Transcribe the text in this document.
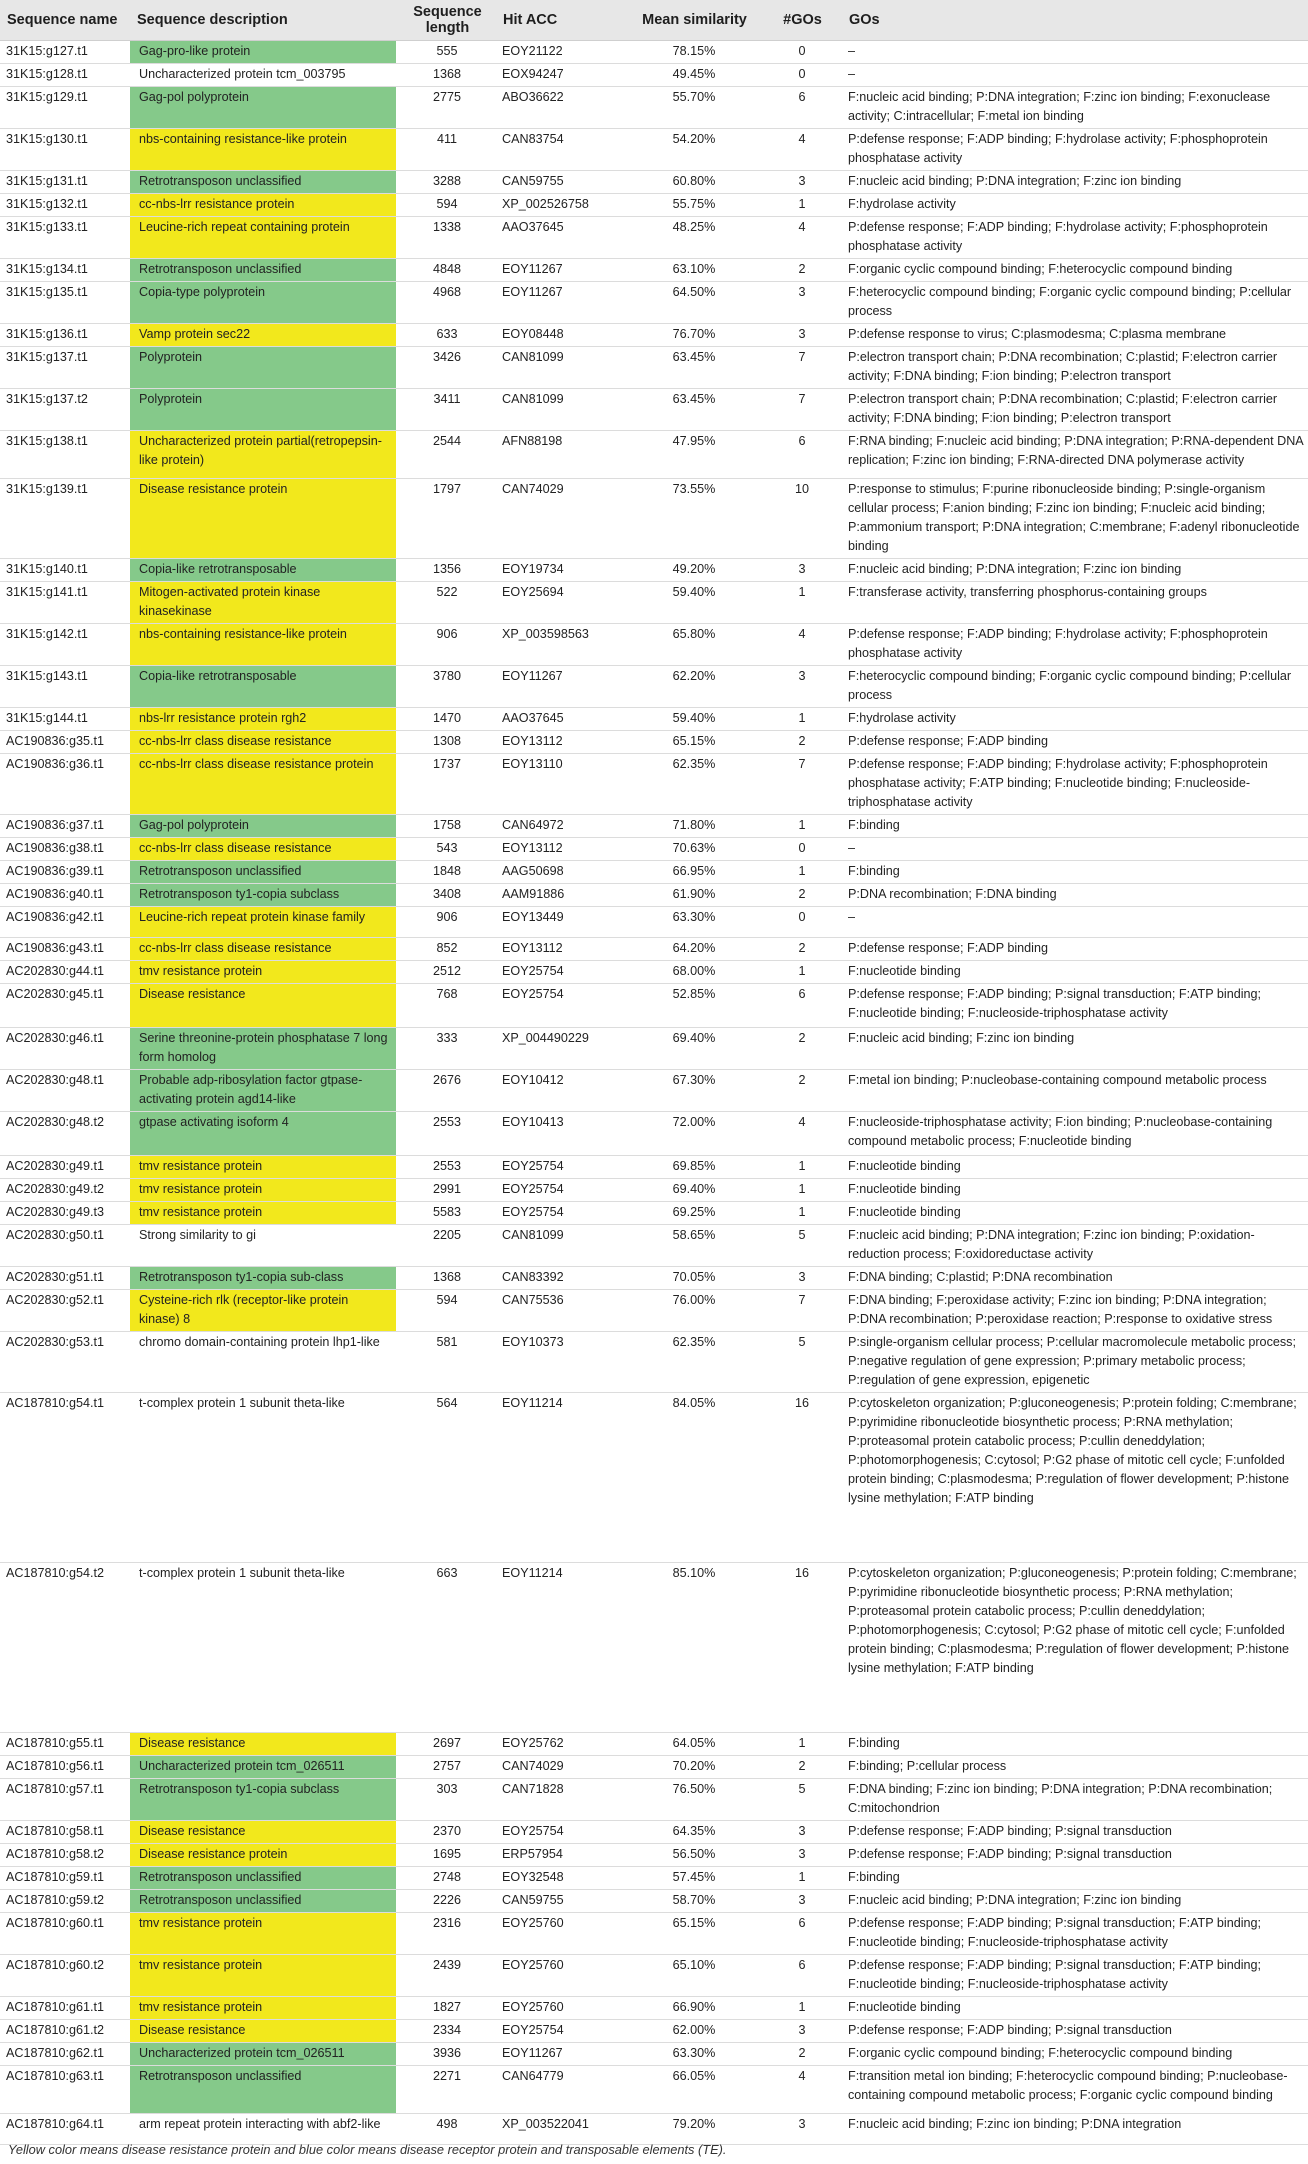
Sequence name	Sequence description	Sequence length	Hit ACC	Mean similarity	#GOs	GOs
31K15:g127.t1	Gag-pro-like protein	555	EOY21122	78.15%	0	–
31K15:g128.t1	Uncharacterized protein tcm_003795	1368	EOX94247	49.45%	0	–
31K15:g129.t1	Gag-pol polyprotein	2775	ABO36622	55.70%	6	F:nucleic acid binding; P:DNA integration; F:zinc ion binding; F:exonuclease activity; C:intracellular; F:metal ion binding
31K15:g130.t1	nbs-containing resistance-like protein	411	CAN83754	54.20%	4	P:defense response; F:ADP binding; F:hydrolase activity; F:phosphoprotein phosphatase activity
31K15:g131.t1	Retrotransposon unclassified	3288	CAN59755	60.80%	3	F:nucleic acid binding; P:DNA integration; F:zinc ion binding
31K15:g132.t1	cc-nbs-lrr resistance protein	594	XP_002526758	55.75%	1	F:hydrolase activity
31K15:g133.t1	Leucine-rich repeat containing protein	1338	AAO37645	48.25%	4	P:defense response; F:ADP binding; F:hydrolase activity; F:phosphoprotein phosphatase activity
31K15:g134.t1	Retrotransposon unclassified	4848	EOY11267	63.10%	2	F:organic cyclic compound binding; F:heterocyclic compound binding
31K15:g135.t1	Copia-type polyprotein	4968	EOY11267	64.50%	3	F:heterocyclic compound binding; F:organic cyclic compound binding; P:cellular process
31K15:g136.t1	Vamp protein sec22	633	EOY08448	76.70%	3	P:defense response to virus; C:plasmodesma; C:plasma membrane
31K15:g137.t1	Polyprotein	3426	CAN81099	63.45%	7	P:electron transport chain; P:DNA recombination; C:plastid; F:electron carrier activity; F:DNA binding; F:ion binding; P:electron transport
31K15:g137.t2	Polyprotein	3411	CAN81099	63.45%	7	P:electron transport chain; P:DNA recombination; C:plastid; F:electron carrier activity; F:DNA binding; F:ion binding; P:electron transport
31K15:g138.t1	Uncharacterized protein partial(retropepsin-like protein)	2544	AFN88198	47.95%	6	F:RNA binding; F:nucleic acid binding; P:DNA integration; P:RNA-dependent DNA replication; F:zinc ion binding; F:RNA-directed DNA polymerase activity
31K15:g139.t1	Disease resistance protein	1797	CAN74029	73.55%	10	P:response to stimulus; F:purine ribonucleoside binding; P:single-organism cellular process; F:anion binding; F:zinc ion binding; F:nucleic acid binding; P:ammonium transport; P:DNA integration; C:membrane; F:adenyl ribonucleotide binding
31K15:g140.t1	Copia-like retrotransposable	1356	EOY19734	49.20%	3	F:nucleic acid binding; P:DNA integration; F:zinc ion binding
31K15:g141.t1	Mitogen-activated protein kinase kinasekinase	522	EOY25694	59.40%	1	F:transferase activity, transferring phosphorus-containing groups
31K15:g142.t1	nbs-containing resistance-like protein	906	XP_003598563	65.80%	4	P:defense response; F:ADP binding; F:hydrolase activity; F:phosphoprotein phosphatase activity
31K15:g143.t1	Copia-like retrotransposable	3780	EOY11267	62.20%	3	F:heterocyclic compound binding; F:organic cyclic compound binding; P:cellular process
31K15:g144.t1	nbs-lrr resistance protein rgh2	1470	AAO37645	59.40%	1	F:hydrolase activity
AC190836:g35.t1	cc-nbs-lrr class disease resistance	1308	EOY13112	65.15%	2	P:defense response; F:ADP binding
AC190836:g36.t1	cc-nbs-lrr class disease resistance protein	1737	EOY13110	62.35%	7	P:defense response; F:ADP binding; F:hydrolase activity; F:phosphoprotein phosphatase activity; F:ATP binding; F:nucleotide binding; F:nucleoside-triphosphatase activity
AC190836:g37.t1	Gag-pol polyprotein	1758	CAN64972	71.80%	1	F:binding
AC190836:g38.t1	cc-nbs-lrr class disease resistance	543	EOY13112	70.63%	0	–
AC190836:g39.t1	Retrotransposon unclassified	1848	AAG50698	66.95%	1	F:binding
AC190836:g40.t1	Retrotransposon ty1-copia subclass	3408	AAM91886	61.90%	2	P:DNA recombination; F:DNA binding
AC190836:g42.t1	Leucine-rich repeat protein kinase family	906	EOY13449	63.30%	0	–
AC190836:g43.t1	cc-nbs-lrr class disease resistance	852	EOY13112	64.20%	2	P:defense response; F:ADP binding
AC202830:g44.t1	tmv resistance protein	2512	EOY25754	68.00%	1	F:nucleotide binding
AC202830:g45.t1	Disease resistance	768	EOY25754	52.85%	6	P:defense response; F:ADP binding; P:signal transduction; F:ATP binding; F:nucleotide binding; F:nucleoside-triphosphatase activity
AC202830:g46.t1	Serine threonine-protein phosphatase 7 long form homolog	333	XP_004490229	69.40%	2	F:nucleic acid binding; F:zinc ion binding
AC202830:g48.t1	Probable adp-ribosylation factor gtpase-activating protein agd14-like	2676	EOY10412	67.30%	2	F:metal ion binding; P:nucleobase-containing compound metabolic process
AC202830:g48.t2	gtpase activating isoform 4	2553	EOY10413	72.00%	4	F:nucleoside-triphosphatase activity; F:ion binding; P:nucleobase-containing compound metabolic process; F:nucleotide binding
AC202830:g49.t1	tmv resistance protein	2553	EOY25754	69.85%	1	F:nucleotide binding
AC202830:g49.t2	tmv resistance protein	2991	EOY25754	69.40%	1	F:nucleotide binding
AC202830:g49.t3	tmv resistance protein	5583	EOY25754	69.25%	1	F:nucleotide binding
AC202830:g50.t1	Strong similarity to gi	2205	CAN81099	58.65%	5	F:nucleic acid binding; P:DNA integration; F:zinc ion binding; P:oxidation-reduction process; F:oxidoreductase activity
AC202830:g51.t1	Retrotransposon ty1-copia sub-class	1368	CAN83392	70.05%	3	F:DNA binding; C:plastid; P:DNA recombination
AC202830:g52.t1	Cysteine-rich rlk (receptor-like protein kinase) 8	594	CAN75536	76.00%	7	F:DNA binding; F:peroxidase activity; F:zinc ion binding; P:DNA integration; P:DNA recombination; P:peroxidase reaction; P:response to oxidative stress
AC202830:g53.t1	chromo domain-containing protein lhp1-like	581	EOY10373	62.35%	5	P:single-organism cellular process; P:cellular macromolecule metabolic process; P:negative regulation of gene expression; P:primary metabolic process; P:regulation of gene expression, epigenetic
AC187810:g54.t1	t-complex protein 1 subunit theta-like	564	EOY11214	84.05%	16	P:cytoskeleton organization; P:gluconeogenesis; P:protein folding; C:membrane; P:pyrimidine ribonucleotide biosynthetic process; P:RNA methylation; P:proteasomal protein catabolic process; P:cullin deneddylation; P:photomorphogenesis; C:cytosol; P:G2 phase of mitotic cell cycle; F:unfolded protein binding; C:plasmodesma; P:regulation of flower development; P:histone lysine methylation; F:ATP binding
AC187810:g54.t2	t-complex protein 1 subunit theta-like	663	EOY11214	85.10%	16	P:cytoskeleton organization; P:gluconeogenesis; P:protein folding; C:membrane; P:pyrimidine ribonucleotide biosynthetic process; P:RNA methylation; P:proteasomal protein catabolic process; P:cullin deneddylation; P:photomorphogenesis; C:cytosol; P:G2 phase of mitotic cell cycle; F:unfolded protein binding; C:plasmodesma; P:regulation of flower development; P:histone lysine methylation; F:ATP binding
AC187810:g55.t1	Disease resistance	2697	EOY25762	64.05%	1	F:binding
AC187810:g56.t1	Uncharacterized protein tcm_026511	2757	CAN74029	70.20%	2	F:binding; P:cellular process
AC187810:g57.t1	Retrotransposon ty1-copia subclass	303	CAN71828	76.50%	5	F:DNA binding; F:zinc ion binding; P:DNA integration; P:DNA recombination; C:mitochondrion
AC187810:g58.t1	Disease resistance	2370	EOY25754	64.35%	3	P:defense response; F:ADP binding; P:signal transduction
AC187810:g58.t2	Disease resistance protein	1695	ERP57954	56.50%	3	P:defense response; F:ADP binding; P:signal transduction
AC187810:g59.t1	Retrotransposon unclassified	2748	EOY32548	57.45%	1	F:binding
AC187810:g59.t2	Retrotransposon unclassified	2226	CAN59755	58.70%	3	F:nucleic acid binding; P:DNA integration; F:zinc ion binding
AC187810:g60.t1	tmv resistance protein	2316	EOY25760	65.15%	6	P:defense response; F:ADP binding; P:signal transduction; F:ATP binding; F:nucleotide binding; F:nucleoside-triphosphatase activity
AC187810:g60.t2	tmv resistance protein	2439	EOY25760	65.10%	6	P:defense response; F:ADP binding; P:signal transduction; F:ATP binding; F:nucleotide binding; F:nucleoside-triphosphatase activity
AC187810:g61.t1	tmv resistance protein	1827	EOY25760	66.90%	1	F:nucleotide binding
AC187810:g61.t2	Disease resistance	2334	EOY25754	62.00%	3	P:defense response; F:ADP binding; P:signal transduction
AC187810:g62.t1	Uncharacterized protein tcm_026511	3936	EOY11267	63.30%	2	F:organic cyclic compound binding; F:heterocyclic compound binding
AC187810:g63.t1	Retrotransposon unclassified	2271	CAN64779	66.05%	4	F:transition metal ion binding; F:heterocyclic compound binding; P:nucleobase-containing compound metabolic process; F:organic cyclic compound binding
AC187810:g64.t1	arm repeat protein interacting with abf2-like	498	XP_003522041	79.20%	3	F:nucleic acid binding; F:zinc ion binding; P:DNA integration
Yellow color means disease resistance protein and blue color means disease receptor protein and transposable elements (TE).
